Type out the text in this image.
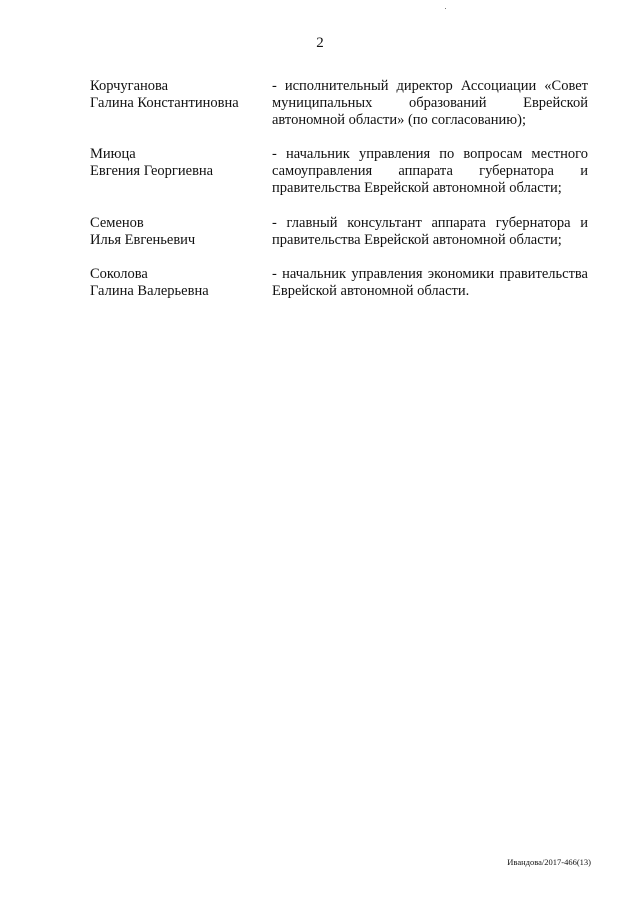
2
Корчуганова
Галина Константиновна
- исполнительный директор Ассоциации «Совет муниципальных образований Еврейской автономной области» (по согласованию);
Миюца
Евгения Георгиевна
- начальник управления по вопросам местного самоуправления аппарата губернатора и правительства Еврейской автономной области;
Семенов
Илья Евгеньевич
- главный консультант аппарата губернатора и правительства Еврейской автономной области;
Соколова
Галина Валерьевна
- начальник управления экономики правительства Еврейской автономной области.
Ивандова/2017-466(13)
